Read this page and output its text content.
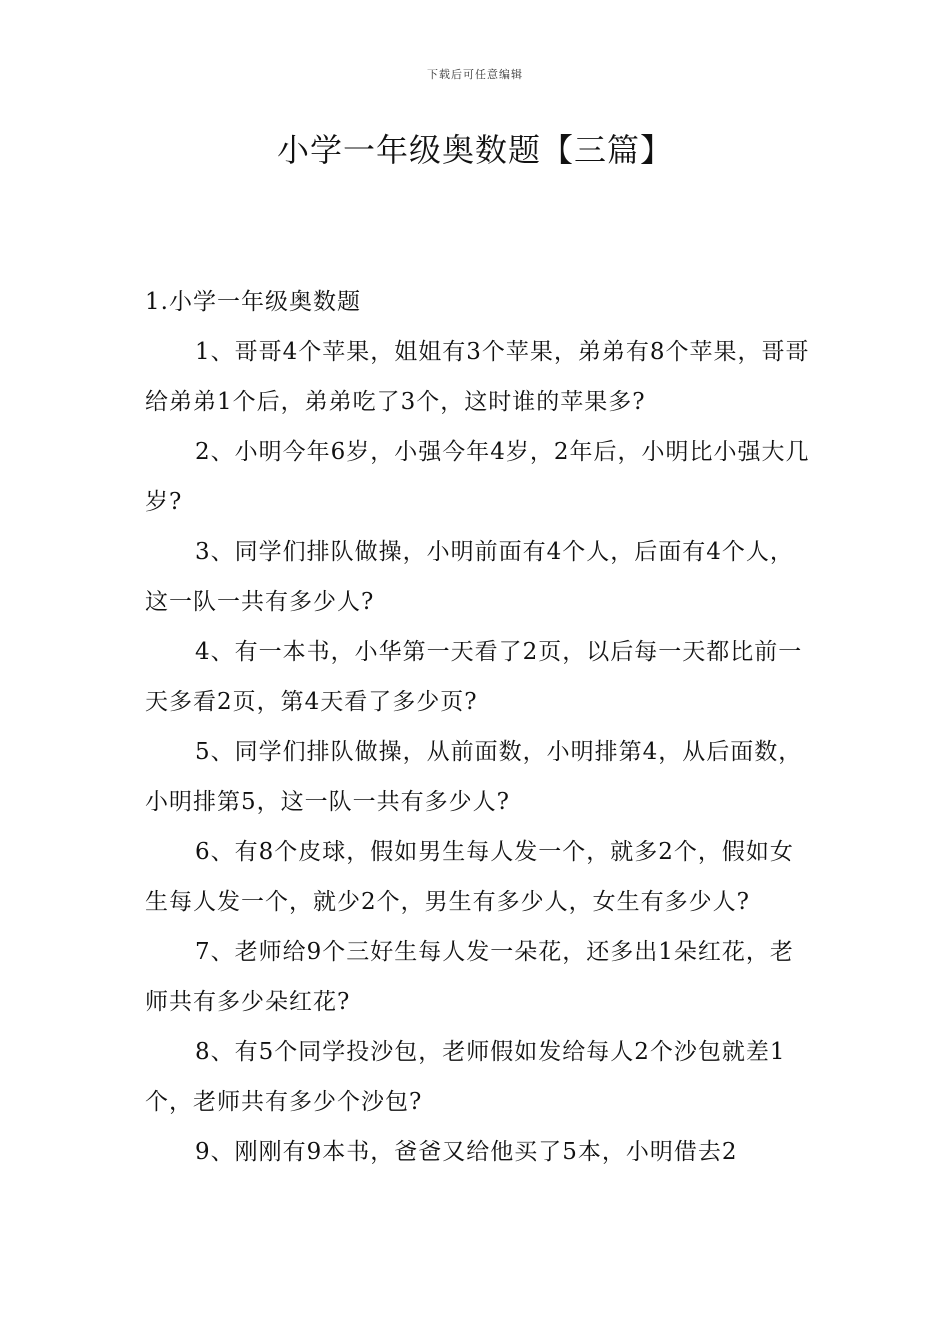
下载后可任意编辑
小学一年级奥数题【三篇】
1.小学一年级奥数题

1、哥哥4个苹果，姐姐有3个苹果，弟弟有8个苹果，哥哥给弟弟1个后，弟弟吃了3个，这时谁的苹果多?

2、小明今年6岁，小强今年4岁，2年后，小明比小强大几岁?

3、同学们排队做操，小明前面有4个人，后面有4个人，这一队一共有多少人?

4、有一本书，小华第一天看了2页，以后每一天都比前一天多看2页，第4天看了多少页?

5、同学们排队做操，从前面数，小明排第4，从后面数，小明排第5，这一队一共有多少人?

6、有8个皮球，假如男生每人发一个，就多2个，假如女生每人发一个，就少2个，男生有多少人，女生有多少人?

7、老师给9个三好生每人发一朵花，还多出1朵红花，老师共有多少朵红花?

8、有5个同学投沙包，老师假如发给每人2个沙包就差1个，老师共有多少个沙包?

9、刚刚有9本书，爸爸又给他买了5本，小明借去2
